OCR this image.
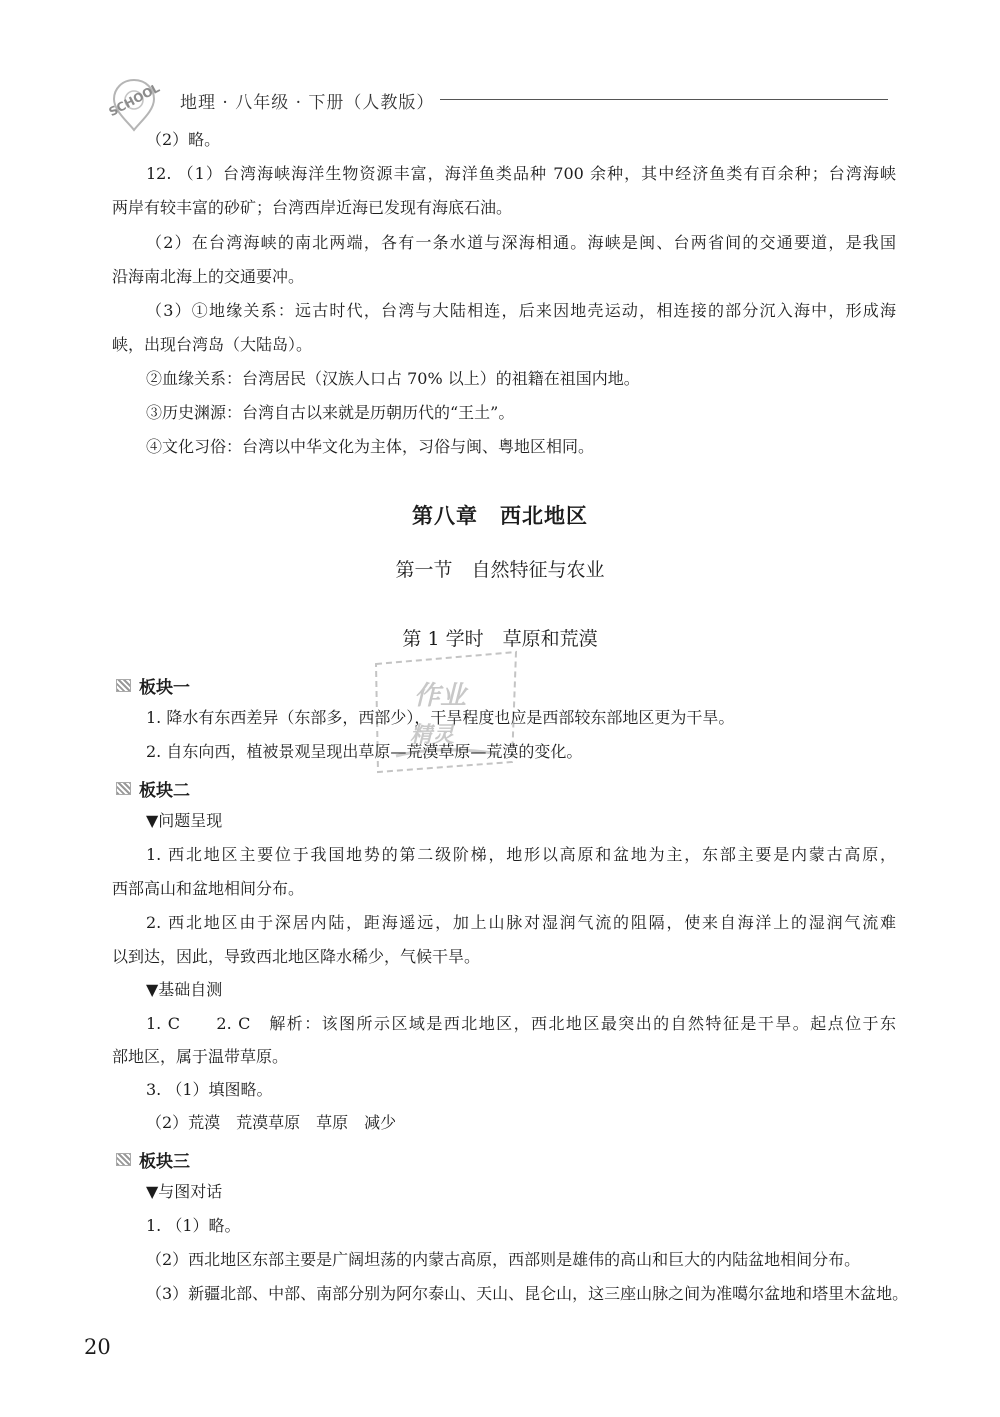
SCHOOL 地理 · 八年级 · 下册（人教版）
（2）略。
12. （1）台湾海峡海洋生物资源丰富，海洋鱼类品种 700 余种，其中经济鱼类有百余种；台湾海峡
两岸有较丰富的砂矿；台湾西岸近海已发现有海底石油。
（2）在台湾海峡的南北两端，各有一条水道与深海相通。海峡是闽、台两省间的交通要道，是我国
沿海南北海上的交通要冲。
（3）①地缘关系：远古时代，台湾与大陆相连，后来因地壳运动，相连接的部分沉入海中，形成海
峡，出现台湾岛（大陆岛）。
②血缘关系：台湾居民（汉族人口占 70% 以上）的祖籍在祖国内地。
③历史渊源：台湾自古以来就是历朝历代的“王土”。
④文化习俗：台湾以中华文化为主体，习俗与闽、粤地区相同。
第八章　西北地区
第一节　自然特征与农业
第 1 学时　草原和荒漠
作业
精灵
板块一
1. 降水有东西差异（东部多，西部少），干旱程度也应是西部较东部地区更为干旱。
2. 自东向西，植被景观呈现出草原—荒漠草原—荒漠的变化。
板块二
▼问题呈现
1. 西北地区主要位于我国地势的第二级阶梯，地形以高原和盆地为主，东部主要是内蒙古高原，
西部高山和盆地相间分布。
2. 西北地区由于深居内陆，距海遥远，加上山脉对湿润气流的阻隔，使来自海洋上的湿润气流难
以到达，因此，导致西北地区降水稀少，气候干旱。
▼基础自测
1. C　　2. C　解析：该图所示区域是西北地区，西北地区最突出的自然特征是干旱。起点位于东
部地区，属于温带草原。
3. （1）填图略。
（2）荒漠　荒漠草原　草原　减少
板块三
▼与图对话
1. （1）略。
（2）西北地区东部主要是广阔坦荡的内蒙古高原，西部则是雄伟的高山和巨大的内陆盆地相间分布。
（3）新疆北部、中部、南部分别为阿尔泰山、天山、昆仑山，这三座山脉之间为准噶尔盆地和塔里木盆地。
20
